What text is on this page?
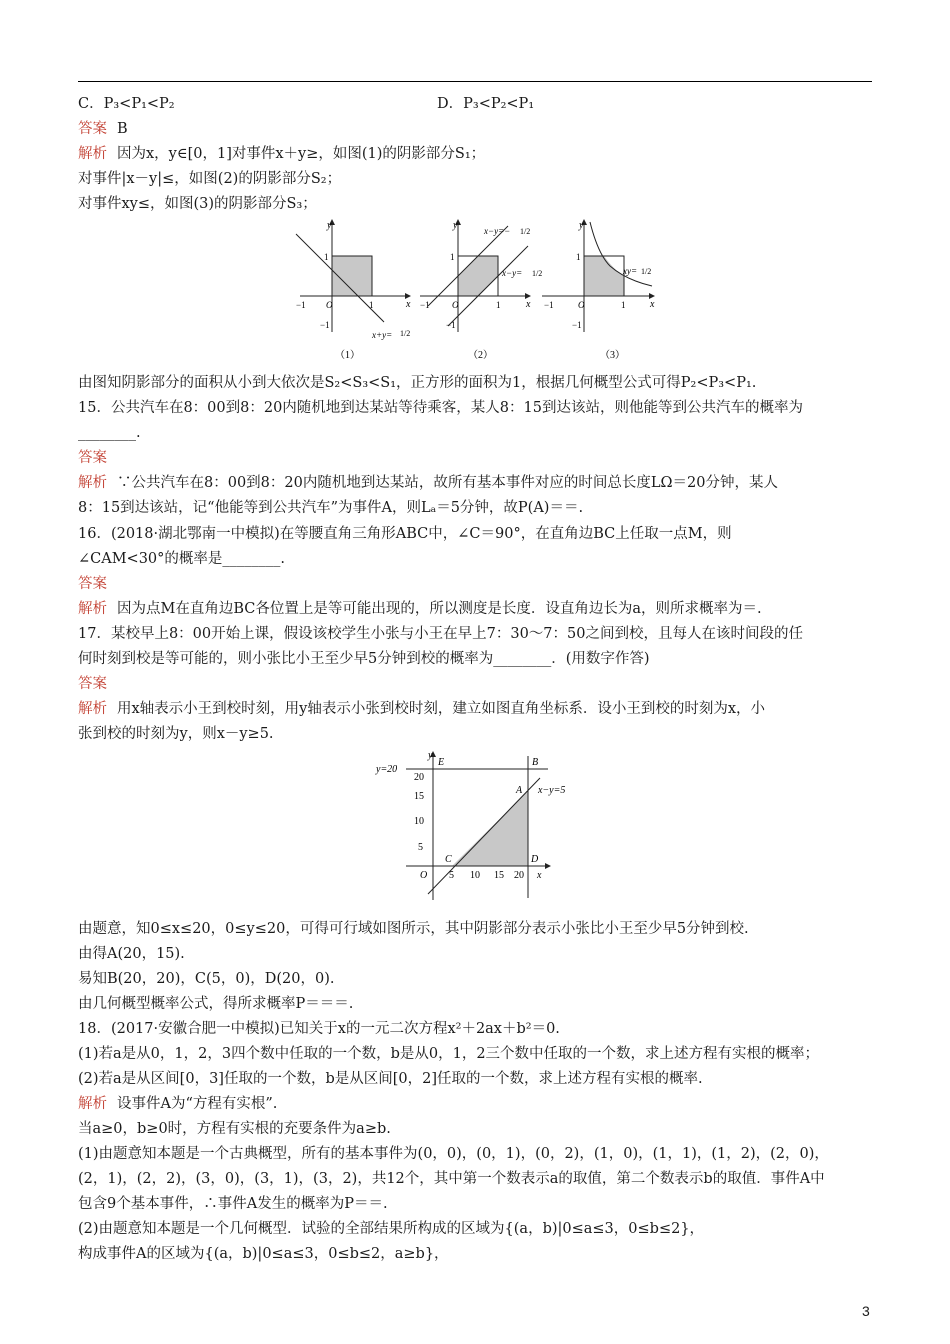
C．P₃<P₁<P₂	D．P₃<P₂<P₁
答案 B
解析 因为x，y∈[0，1]对事件x＋y≥，如图(1)的阴影部分S₁；
对事件|x－y|≤，如图(2)的阴影部分S₂；
对事件xy≤，如图(3)的阴影部分S₃；
y
x
1
1
−1 O
−1
x+y= 1/2
（1）
y
x
1
1
−1 O
−1
x−y=− 1/2
x−y= 1/2
（2）
y
x
1
1
−1	O
−1
xy= 1/2
（3）
由图知阴影部分的面积从小到大依次是S₂<S₃<S₁，正方形的面积为1，根据几何概型公式可得P₂<P₃<P₁.
15．公共汽车在8：00到8：20内随机地到达某站等待乘客，某人8：15到达该站，则他能等到公共汽车的概率为
________.
答案
解析 ∵公共汽车在8：00到8：20内随机地到达某站，故所有基本事件对应的时间总长度LΩ＝20分钟，某人
8：15到达该站，记“他能等到公共汽车”为事件A，则Lₐ＝5分钟，故P(A)＝＝.
16．(2018·湖北鄂南一中模拟)在等腰直角三角形ABC中，∠C＝90°，在直角边BC上任取一点M，则
∠CAM<30°的概率是________.
答案
解析 因为点M在直角边BC各位置上是等可能出现的，所以测度是长度．设直角边长为a，则所求概率为＝.
17．某校早上8：00开始上课，假设该校学生小张与小王在早上7：30～7：50之间到校，且每人在该时间段的任
何时刻到校是等可能的，则小张比小王至少早5分钟到校的概率为________．(用数字作答)
答案
解析 用x轴表示小王到校时刻，用y轴表示小张到校时刻，建立如图直角坐标系．设小王到校的时刻为x，小
张到校的时刻为y，则x－y≥5.
y
x
y=20
E	B
A x−y=5
C	D
O 5 10 15 20
5
10
15
20
由题意，知0≤x≤20，0≤y≤20，可得可行域如图所示，其中阴影部分表示小张比小王至少早5分钟到校.
由得A(20，15).
易知B(20，20)，C(5，0)，D(20，0).
由几何概型概率公式，得所求概率P＝＝＝.
18．(2017·安徽合肥一中模拟)已知关于x的一元二次方程x²＋2ax＋b²＝0.
(1)若a是从0，1，2，3四个数中任取的一个数，b是从0，1，2三个数中任取的一个数，求上述方程有实根的概率；
(2)若a是从区间[0，3]任取的一个数，b是从区间[0，2]任取的一个数，求上述方程有实根的概率.
解析 设事件A为“方程有实根”.
当a≥0，b≥0时，方程有实根的充要条件为a≥b.
(1)由题意知本题是一个古典概型，所有的基本事件为(0，0)，(0，1)，(0，2)，(1，0)，(1，1)，(1，2)，(2，0)，
(2，1)，(2，2)，(3，0)，(3，1)，(3，2)，共12个，其中第一个数表示a的取值，第二个数表示b的取值．事件A中
包含9个基本事件，∴事件A发生的概率为P＝＝.
(2)由题意知本题是一个几何概型．试验的全部结果所构成的区域为{(a，b)|0≤a≤3，0≤b≤2}，
构成事件A的区域为{(a，b)|0≤a≤3，0≤b≤2，a≥b}，
3
